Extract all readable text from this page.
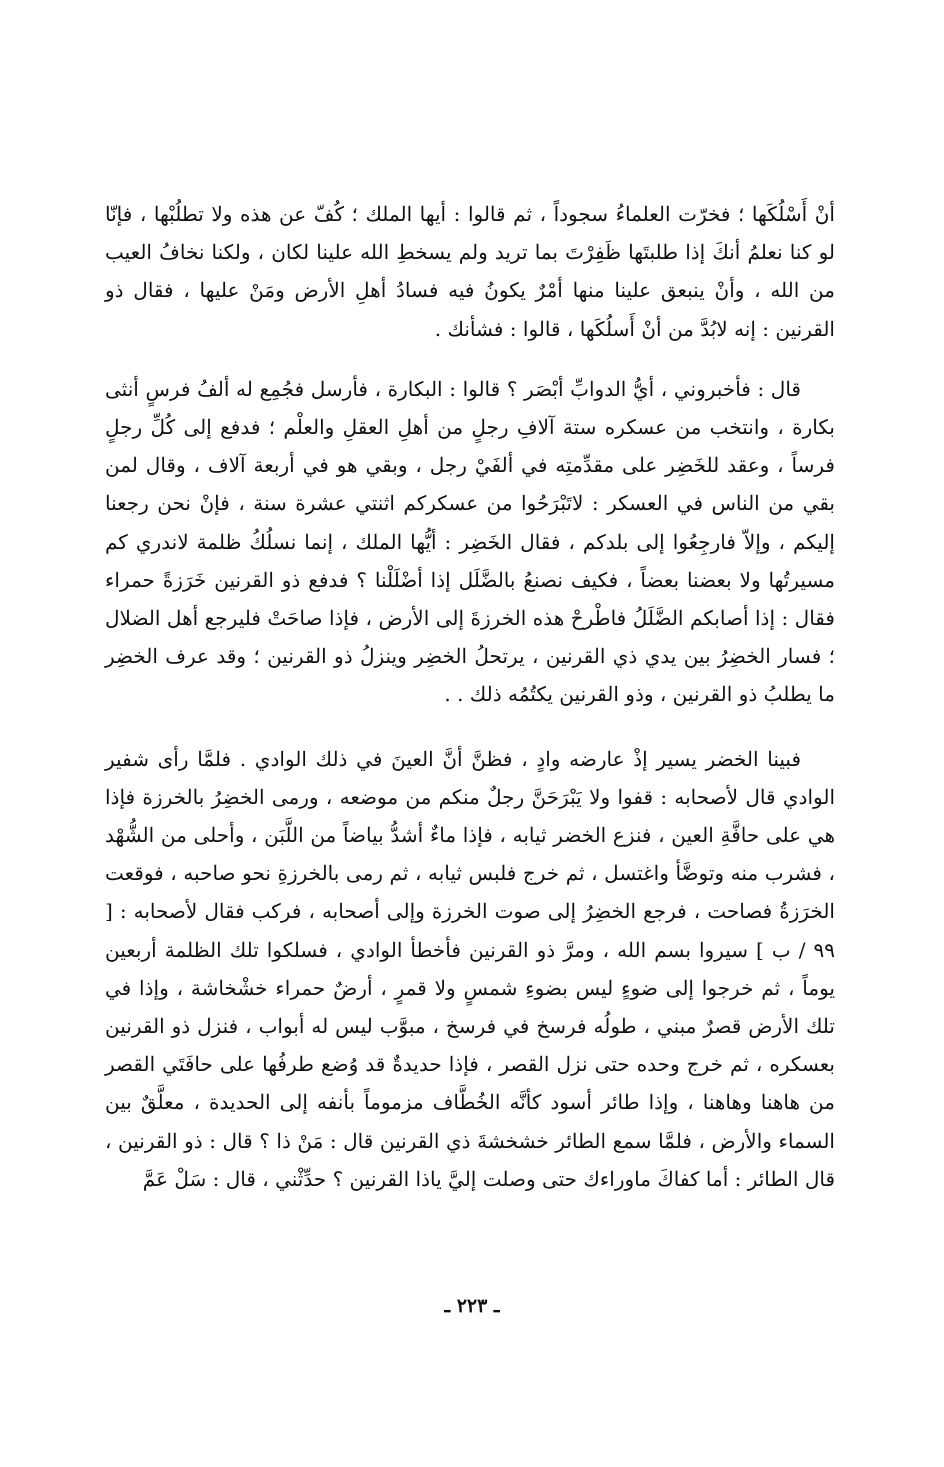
أنْ أَسْلُكَها ؛ فخرّت العلماءُ سجوداً ، ثم قالوا : أيها الملك ؛ كُفّ عن هذه ولا تطلُبْها ، فإنّا لو كنا نعلمُ أنكَ إذا طلبتَها ظَفِرْتَ بما تريد ولم يسخطِ الله علينا لكان ، ولكنا نخافُ العيب من الله ، وأنْ ينبعق علينا منها أمْرٌ يكونُ فيه فسادُ أهلِ الأرض ومَنْ عليها ، فقال ذو القرنين : إنه لابُدَّ من أنْ أَسلُكَها ، قالوا : فشأنك .

قال : فأخبروني ، أيُّ الدوابِّ أبْصَر ؟ قالوا : البكارة ، فأرسل فجُمِع له ألفُ فرسٍ أنثى بكارة ، وانتخب من عسكره ستة آلافِ رجلٍ من أهلِ العقلِ والعلْم ؛ فدفع إلى كُلِّ رجلٍ فرساً ، وعقد للخَضِر على مقدِّمتِه في ألفَيْ رجل ، وبقي هو في أربعة آلاف ، وقال لمن بقي من الناس في العسكر : لاتَبْرَحُوا من عسكركم اثنتي عشرة سنة ، فإنْ نحن رجعنا إليكم ، وإلاّ فارجِعُوا إلى بلدكم ، فقال الخَضِر : أيُّها الملك ، إنما نسلُكُ ظلمة لاندري كم مسيرتُها ولا بعضنا بعضاً ، فكيف نصنعُ بالضَّلَل إذا أضْلَلْنا ؟ فدفع ذو القرنين خَرَزةً حمراء فقال : إذا أصابكم الضَّلَلُ فاطْرحْ هذه الخرزةَ إلى الأرض ، فإذا صاحَتْ فليرجع أهل الضلال ؛ فسار الخضِرُ بين يدي ذي القرنين ، يرتحلُ الخضِر وينزلُ ذو القرنين ؛ وقد عرف الخضِر ما يطلبُ ذو القرنين ، وذو القرنين يكتُمُه ذلك . .

فبينا الخضر يسير إذْ عارضه وادٍ ، فظنَّ أنَّ العينَ في ذلك الوادي . فلمَّا رأى شفير الوادي قال لأصحابه : قفوا ولا يَبْرَحَنَّ رجلٌ منكم من موضعه ، ورمى الخضِرُ بالخرزة فإذا هي على حافَّةِ العين ، فنزع الخضر ثيابه ، فإذا ماءٌ أشدُّ بياضاً من اللَّبَن ، وأحلى من الشُّهْد ، فشرب منه وتوضَّأ واغتسل ، ثم خرج فلبس ثيابه ، ثم رمى بالخرزةِ نحو صاحبه ، فوقعت الخرَزةُ فصاحت ، فرجع الخضِرُ إلى صوت الخرزة وإلى أصحابه ، فركب فقال لأصحابه : [ ٩٩ / ب ] سيروا بسم الله ، ومرَّ ذو القرنين فأخطأ الوادي ، فسلكوا تلك الظلمة أربعين يوماً ، ثم خرجوا إلى ضوءٍ ليس بضوءِ شمسٍ ولا قمرٍ ، أرضٌ حمراء خشْخاشة ، وإذا في تلك الأرض قصرٌ مبني ، طولُه فرسخ في فرسخ ، مبوَّب ليس له أبواب ، فنزل ذو القرنين بعسكره ، ثم خرج وحده حتى نزل القصر ، فإذا حديدةٌ قد وُضع طرفُها على حافَتَي القصر من هاهنا وهاهنا ، وإذا طائر أسود كأنَّه الخُطَّاف مزموماً بأنفه إلى الحديدة ، معلَّقٌ بين السماء والأرض ، فلمَّا سمع الطائر خشخشةَ ذي القرنين قال : مَنْ ذا ؟ قال : ذو القرنين ، قال الطائر : أما كفاكَ ماوراءك حتى وصلت إليَّ ياذا القرنين ؟ حدِّثْني ، قال : سَلْ عَمَّ

ـ ٢٢٣ ـ
